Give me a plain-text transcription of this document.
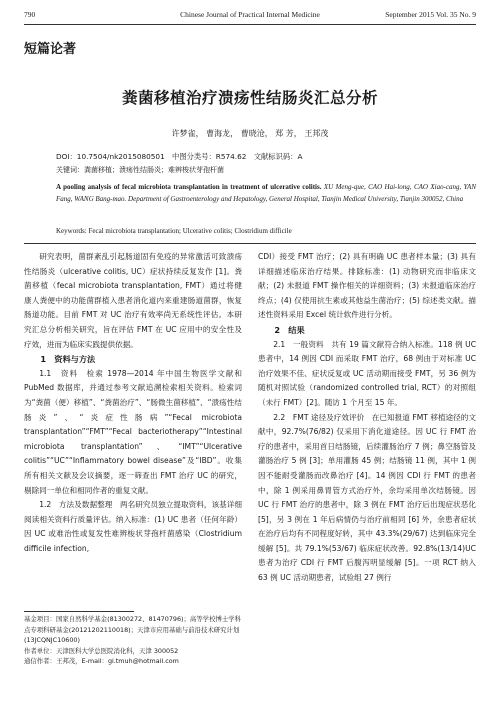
790	Chinese Journal of Practical Internal Medicine	September 2015 Vol. 35 No. 9
短篇论著
粪菌移植治疗溃疡性结肠炎汇总分析
许梦雀， 曹海龙， 曹晓沧， 郑 芳， 王邦茂
DOI：10.7504/nk2015080501　中图分类号：R574.62　文献标识码：A
关键词：粪菌移植；溃疡性结肠炎；难辨梭状芽孢杆菌
A pooling analysis of fecal microbiota transplantation in treatment of ulcerative colitis. XU Meng-que, CAO Hai-long, CAO Xiao-cang, YAN Fang, WANG Bang-mao. Department of Gastroenterology and Hepatology, General Hospital, Tianjin Medical University, Tianjin 300052, China
Keywords: Fecal microbiota transplantation; Ulcerative colitis; Clostridium difficile

研究表明，菌群紊乱引起肠道固有免疫的异常激活可致溃疡性结肠炎（ulcerative colitis, UC）症状持续反复发作 [1]。粪菌移植（fecal microbiota transplantation, FMT）通过将健康人粪便中的功能菌群植入患者消化道内来重建肠道菌群，恢复肠道功能。目前 FMT 对 UC 治疗有效率尚无系统性评估。本研究汇总分析相关研究，旨在评估 FMT 在 UC 应用中的安全性及疗效，进而为临床实践提供依据。

1　资料与方法

1.1　资料　检索 1978—2014 年中国生物医学文献和 PubMed 数据库，并通过参考文献追溯检索相关资料。检索词为“粪菌（便）移植”、“粪菌治疗”、“肠微生菌移植”、“溃疡性结肠炎”、“炎症性肠病”“Fecal microbiota transplantation”“FMT”“Fecal bacteriotherapy”“Intestinal microbiota transplantation”、“IMT”“Ulcerative colitis”“UC”“Inflammatory bowel disease”及“IBD”。收集所有相关文献及会议摘要，逐一筛查出 FMT 治疗 UC 的研究，剔除同一单位和相同作者的重复文献。

1.2　方法及数据整理　两名研究员独立提取资料，该基详细阅读相关资料行质量评估。纳入标准：(1) UC 患者（任何年龄）因 UC 或难治性或复发性难辨梭状芽孢杆菌感染（Clostridium difficile infection,

基金项目：国家自然科学基金(81300272、81470796)；高等学校博士学科点专项科研基金(20121202110018)；天津市应用基础与前沿技术研究计划(13JCQNJC10600)
作者单位：天津医科大学总医院消化科，天津 300052
通信作者：王邦茂，E-mail：gi.tmuh@hotmail.com

CDI）接受 FMT 治疗；(2) 具有明确 UC 患者样本量；(3) 具有详细描述临床治疗结果。排除标准：(1) 动物研究而非临床文献；(2) 未报道 FMT 操作相关的详细资料；(3) 未报道临床治疗终点；(4) 仅使用抗生素或其他益生菌治疗；(5) 综述类文献。描述性资料采用 Excel 统计软件进行分析。

2　结果

2.1　一般资料　共有 19 篇文献符合纳入标准。118 例 UC 患者中，14 例因 CDI 而采取 FMT 治疗，68 例由于对标准 UC 治疗效果不佳、症状反复或 UC 活动期而接受 FMT，另 36 例为随机对照试验（randomized controlled trial, RCT）的对照组（未行 FMT）[2]。随访 1 个月至 15 年。

2.2　FMT 途径及疗效评价　在已知报道 FMT 移植途径的文献中，92.7%(76/82) 仅采用下消化道途径。因 UC 行 FMT 治疗的患者中，采用首日结肠镜，后续灌肠治疗 7 例；鼻空肠管及灌肠治疗 5 例 [3]；单用灌肠 45 例；结肠镜 11 例，其中 1 例因不能耐受灌肠而改鼻治疗 [4]。14 例因 CDI 行 FMT 的患者中，除 1 例采用鼻胃管方式治疗外，余均采用单次结肠镜。因 UC 行 FMT 治疗的患者中，除 3 例在 FMT 治疗后出现症状恶化 [5]，另 3 例在 1 年后病情仍与治疗前相同 [6] 外，余患者症状在治疗后均有不同程度好转，其中 43.3%(29/67) 达到临床完全缓解 [5]。共 79.1%(53/67) 临床症状改善。92.8%(13/14)UC 患者为治疗 CDI 行 FMT 后腹泻明显缓解 [5]。一项 RCT 纳入 63 例 UC 活动期患者，试验组 27 例行
